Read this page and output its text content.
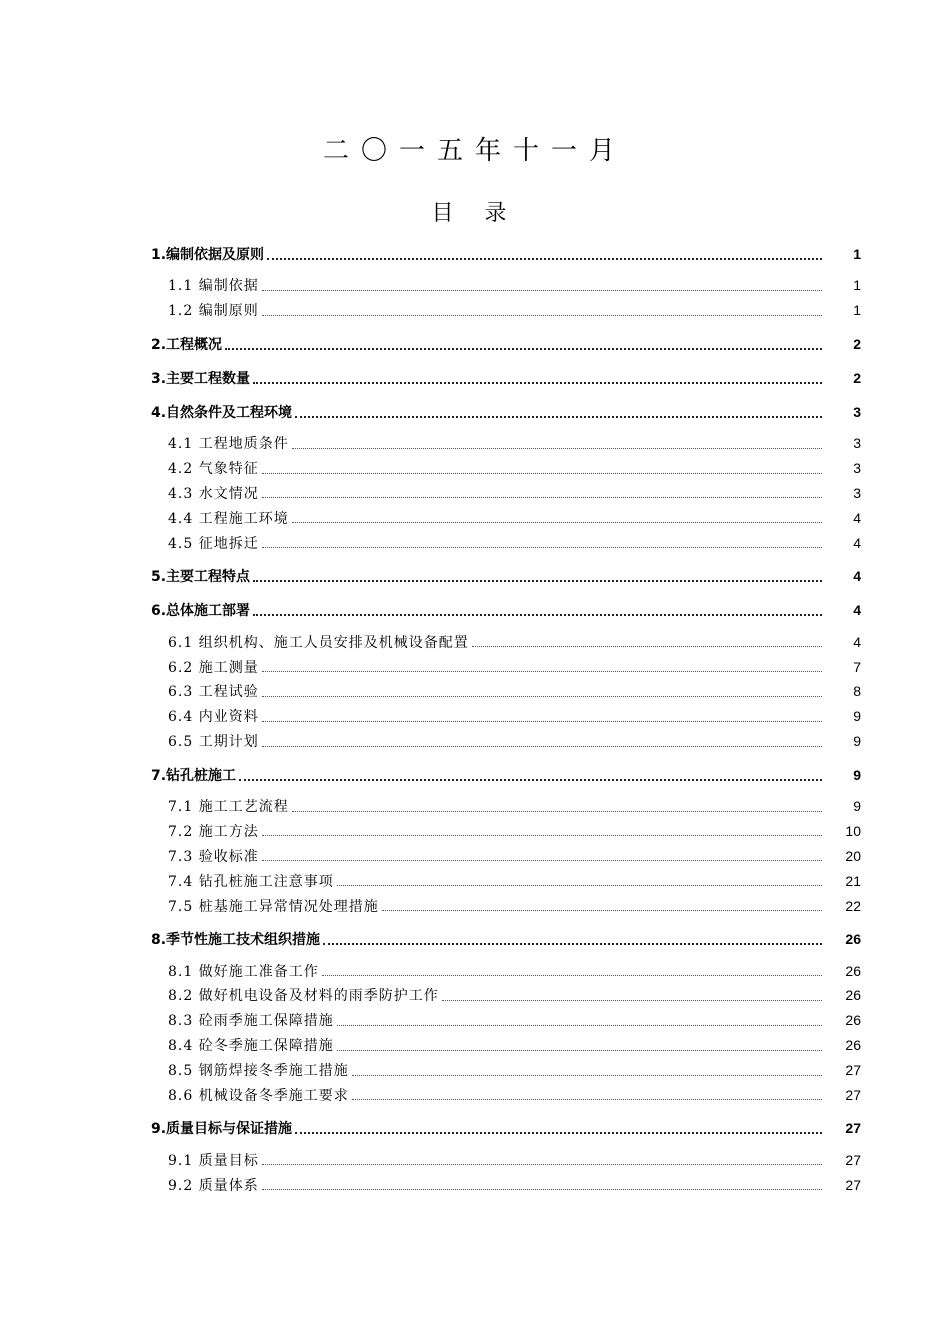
二〇一五年十一月
目 录
1.编制依据及原则	1
1.1 编制依据	1
1.2 编制原则	1
2.工程概况	2
3.主要工程数量	2
4.自然条件及工程环境	3
4.1 工程地质条件	3
4.2 气象特征	3
4.3 水文情况	3
4.4 工程施工环境	4
4.5 征地拆迁	4
5.主要工程特点	4
6.总体施工部署	4
6.1 组织机构、施工人员安排及机械设备配置	4
6.2 施工测量	7
6.3 工程试验	8
6.4 内业资料	9
6.5 工期计划	9
7.钻孔桩施工	9
7.1 施工工艺流程	9
7.2 施工方法	10
7.3 验收标准	20
7.4 钻孔桩施工注意事项	21
7.5 桩基施工异常情况处理措施	22
8.季节性施工技术组织措施	26
8.1 做好施工准备工作	26
8.2 做好机电设备及材料的雨季防护工作	26
8.3 砼雨季施工保障措施	26
8.4 砼冬季施工保障措施	26
8.5 钢筋焊接冬季施工措施	27
8.6 机械设备冬季施工要求	27
9.质量目标与保证措施	27
9.1 质量目标	27
9.2 质量体系	27
